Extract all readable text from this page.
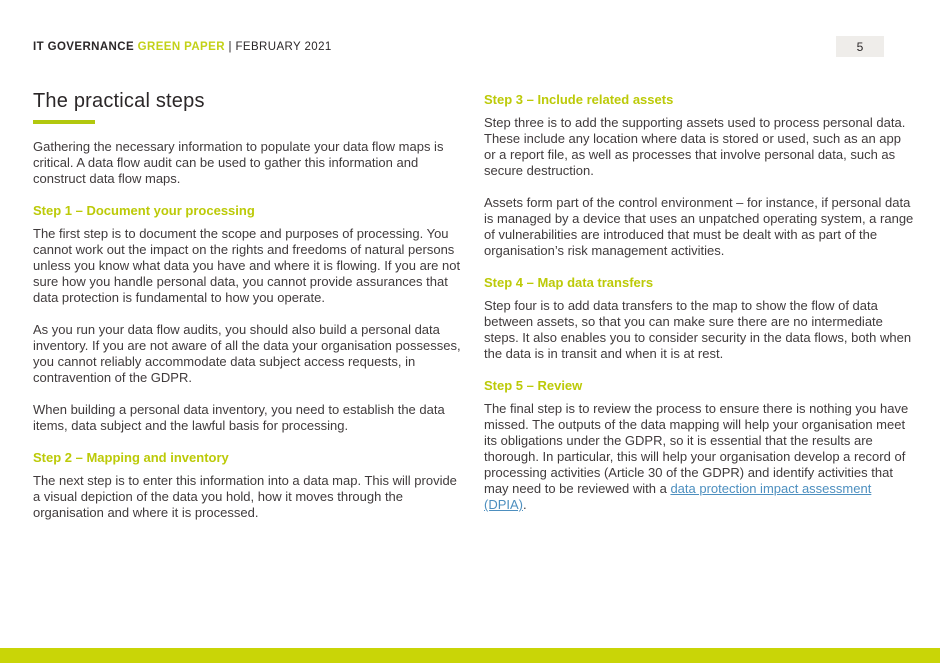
IT GOVERNANCE GREEN PAPER | FEBRUARY 2021	5
The practical steps

Gathering the necessary information to populate your data flow maps is critical. A data flow audit can be used to gather this information and construct data flow maps.

Step 1 – Document your processing

The first step is to document the scope and purposes of processing. You cannot work out the impact on the rights and freedoms of natural persons unless you know what data you have and where it is flowing. If you are not sure how you handle personal data, you cannot provide assurances that data protection is fundamental to how you operate.

As you run your data flow audits, you should also build a personal data inventory. If you are not aware of all the data your organisation possesses, you cannot reliably accommodate data subject access requests, in contravention of the GDPR.

When building a personal data inventory, you need to establish the data items, data subject and the lawful basis for processing.

Step 2 – Mapping and inventory

The next step is to enter this information into a data map. This will provide a visual depiction of the data you hold, how it moves through the organisation and where it is processed.

Step 3 – Include related assets

Step three is to add the supporting assets used to process personal data. These include any location where data is stored or used, such as an app or a report file, as well as processes that involve personal data, such as secure destruction.

Assets form part of the control environment – for instance, if personal data is managed by a device that uses an unpatched operating system, a range of vulnerabilities are introduced that must be dealt with as part of the organisation’s risk management activities.

Step 4 – Map data transfers

Step four is to add data transfers to the map to show the flow of data between assets, so that you can make sure there are no intermediate steps. It also enables you to consider security in the data flows, both when the data is in transit and when it is at rest.

Step 5 – Review

The final step is to review the process to ensure there is nothing you have missed. The outputs of the data mapping will help your organisation meet its obligations under the GDPR, so it is essential that the results are thorough. In particular, this will help your organisation develop a record of processing activities (Article 30 of the GDPR) and identify activities that may need to be reviewed with a data protection impact assessment (DPIA).
